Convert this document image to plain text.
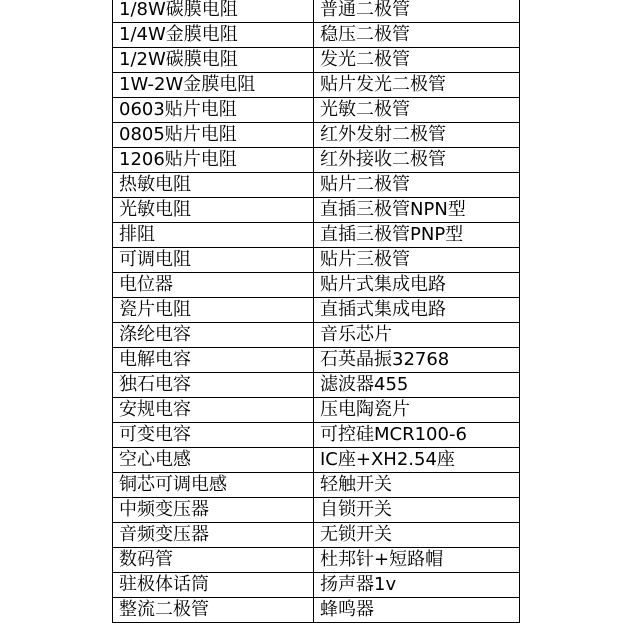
1/8W碳膜电阻	普通二极管
1/4W金膜电阻	稳压二极管
1/2W碳膜电阻	发光二极管
1W-2W金膜电阻	贴片发光二极管
0603贴片电阻	光敏二极管
0805贴片电阻	红外发射二极管
1206贴片电阻	红外接收二极管
热敏电阻	贴片二极管
光敏电阻	直插三极管NPN型
排阻	直插三极管PNP型
可调电阻	贴片三极管
电位器	贴片式集成电路
瓷片电阻	直插式集成电路
涤纶电容	音乐芯片
电解电容	石英晶振32768
独石电容	滤波器455
安规电容	压电陶瓷片
可变电容	可控硅MCR100-6
空心电感	IC座+XH2.54座
铜芯可调电感	轻触开关
中频变压器	自锁开关
音频变压器	无锁开关
数码管	杜邦针+短路帽
驻极体话筒	扬声器1v
整流二极管	蜂鸣器
